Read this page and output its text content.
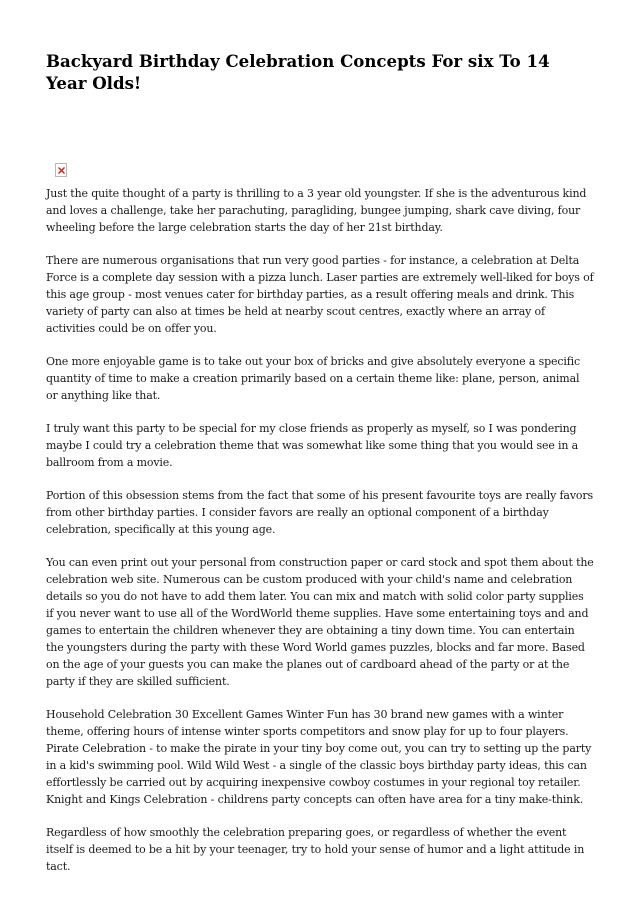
Backyard Birthday Celebration Concepts For six To 14 Year Olds!

Just the quite thought of a party is thrilling to a 3 year old youngster. If she is the adventurous kind and loves a challenge, take her parachuting, paragliding, bungee jumping, shark cave diving, four wheeling before the large celebration starts the day of her 21st birthday.

There are numerous organisations that run very good parties - for instance, a celebration at Delta Force is a complete day session with a pizza lunch. Laser parties are extremely well-liked for boys of this age group - most venues cater for birthday parties, as a result offering meals and drink. This variety of party can also at times be held at nearby scout centres, exactly where an array of activities could be on offer you.

One more enjoyable game is to take out your box of bricks and give absolutely everyone a specific quantity of time to make a creation primarily based on a certain theme like: plane, person, animal or anything like that.

I truly want this party to be special for my close friends as properly as myself, so I was pondering maybe I could try a celebration theme that was somewhat like some thing that you would see in a ballroom from a movie.

Portion of this obsession stems from the fact that some of his present favourite toys are really favors from other birthday parties. I consider favors are really an optional component of a birthday celebration, specifically at this young age.

You can even print out your personal from construction paper or card stock and spot them about the celebration web site. Numerous can be custom produced with your child's name and celebration details so you do not have to add them later. You can mix and match with solid color party supplies if you never want to use all of the WordWorld theme supplies. Have some entertaining toys and and games to entertain the children whenever they are obtaining a tiny down time. You can entertain the youngsters during the party with these Word World games puzzles, blocks and far more. Based on the age of your guests you can make the planes out of cardboard ahead of the party or at the party if they are skilled sufficient.

Household Celebration 30 Excellent Games Winter Fun has 30 brand new games with a winter theme, offering hours of intense winter sports competitors and snow play for up to four players. Pirate Celebration - to make the pirate in your tiny boy come out, you can try to setting up the party in a kid's swimming pool. Wild Wild West - a single of the classic boys birthday party ideas, this can effortlessly be carried out by acquiring inexpensive cowboy costumes in your regional toy retailer. Knight and Kings Celebration - childrens party concepts can often have area for a tiny make-think.

Regardless of how smoothly the celebration preparing goes, or regardless of whether the event itself is deemed to be a hit by your teenager, try to hold your sense of humor and a light attitude in tact.
